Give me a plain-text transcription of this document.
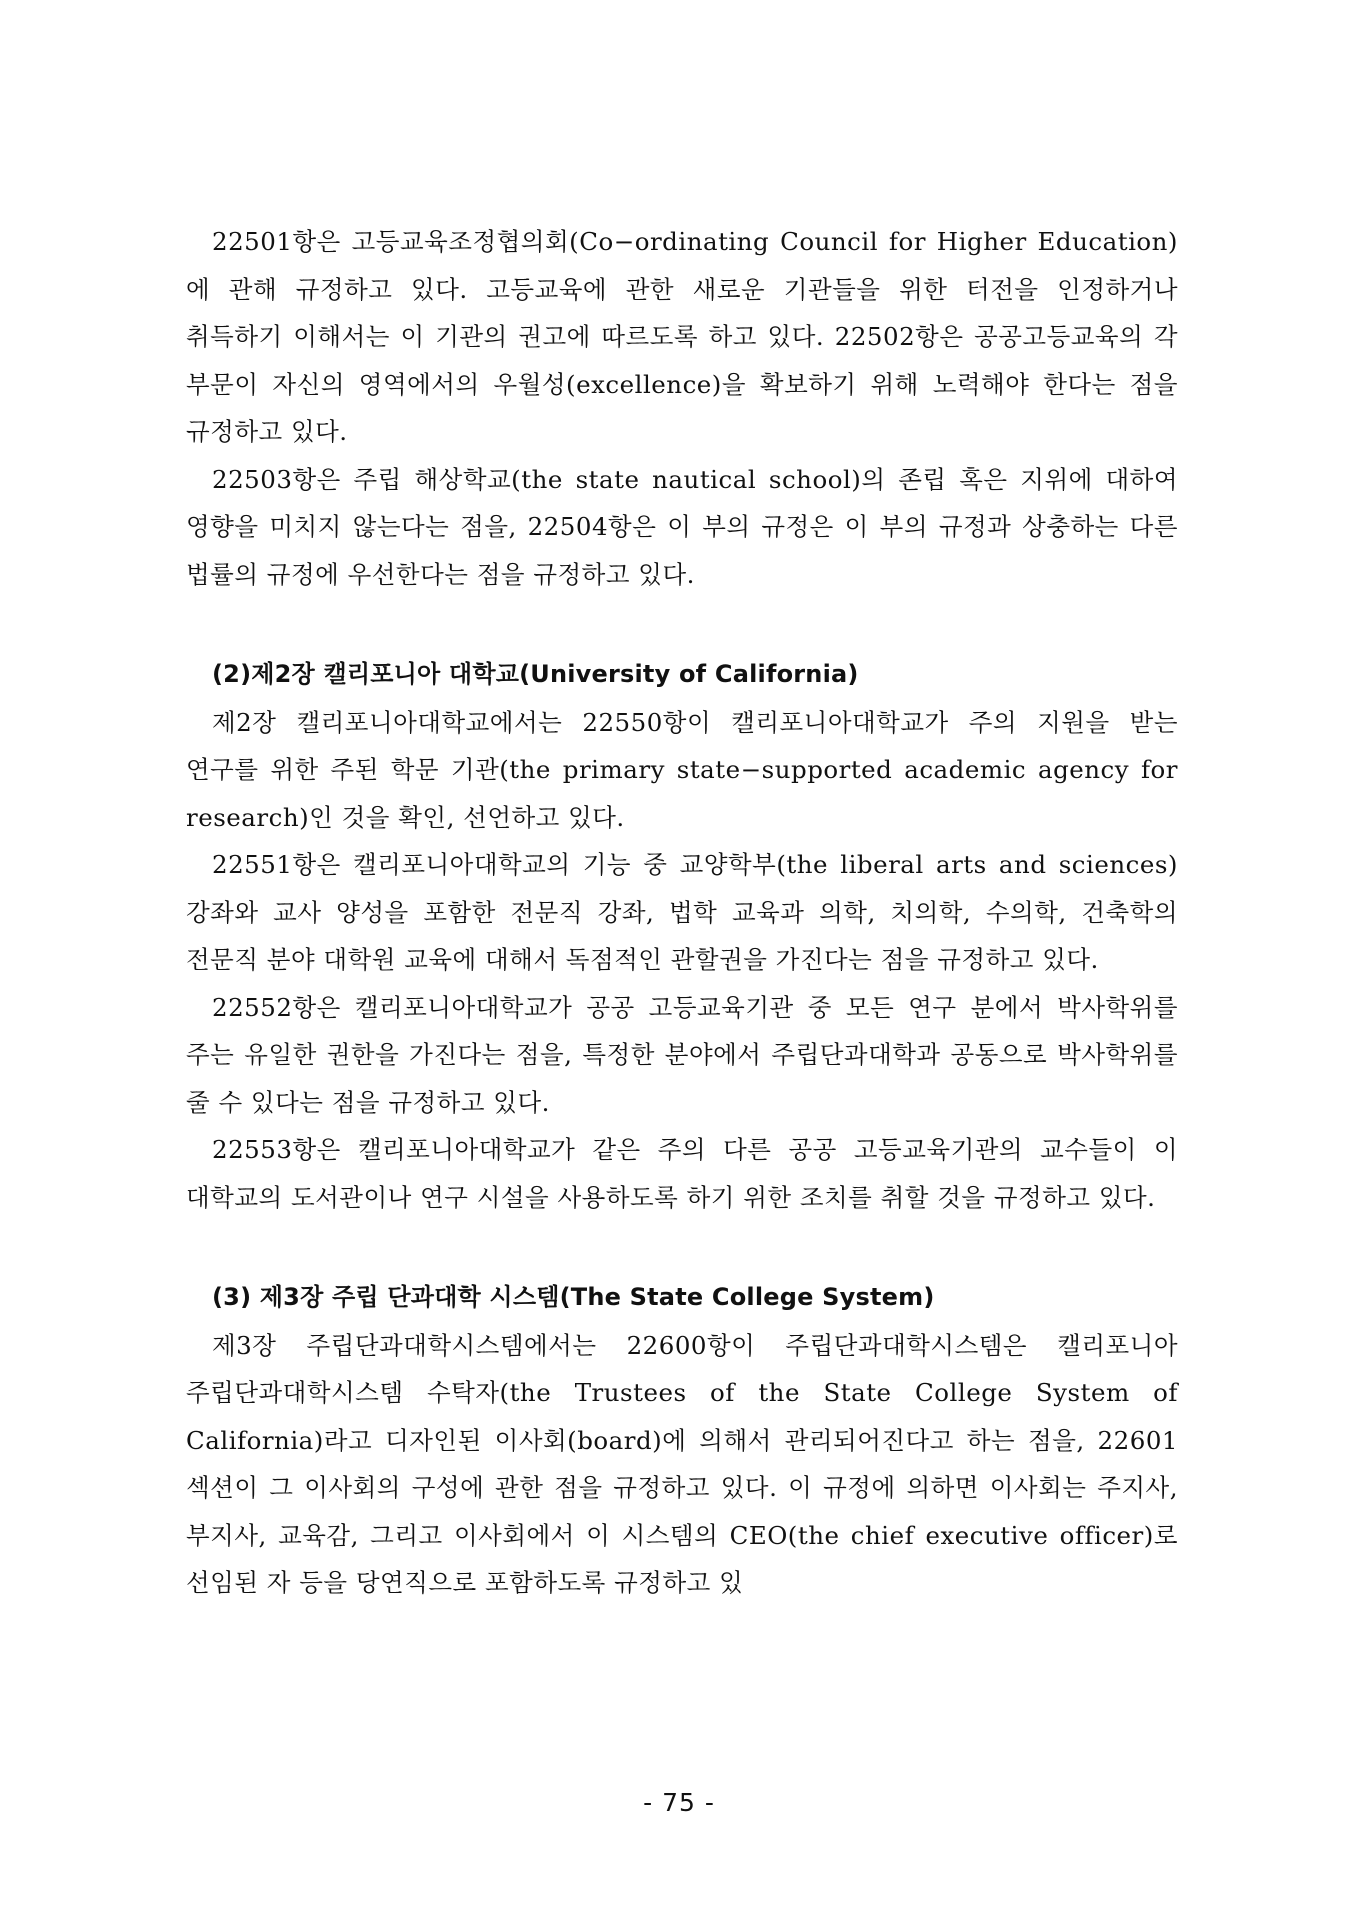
22501항은 고등교육조정협의회(Co−ordinating Council for Higher Education)에 관해 규정하고 있다. 고등교육에 관한 새로운 기관들을 위한 터전을 인정하거나 취득하기 이해서는 이 기관의 권고에 따르도록 하고 있다. 22502항은 공공고등교육의 각 부문이 자신의 영역에서의 우월성(excellence)을 확보하기 위해 노력해야 한다는 점을 규정하고 있다.

22503항은 주립 해상학교(the state nautical school)의 존립 혹은 지위에 대하여 영향을 미치지 않는다는 점을, 22504항은 이 부의 규정은 이 부의 규정과 상충하는 다른 법률의 규정에 우선한다는 점을 규정하고 있다.

(2)제2장 캘리포니아 대학교(University of California)

제2장 캘리포니아대학교에서는 22550항이 캘리포니아대학교가 주의 지원을 받는 연구를 위한 주된 학문 기관(the primary state−supported academic agency for research)인 것을 확인, 선언하고 있다.

22551항은 캘리포니아대학교의 기능 중 교양학부(the liberal arts and sciences) 강좌와 교사 양성을 포함한 전문직 강좌, 법학 교육과 의학, 치의학, 수의학, 건축학의 전문직 분야 대학원 교육에 대해서 독점적인 관할권을 가진다는 점을 규정하고 있다.

22552항은 캘리포니아대학교가 공공 고등교육기관 중 모든 연구 분에서 박사학위를 주는 유일한 권한을 가진다는 점을, 특정한 분야에서 주립단과대학과 공동으로 박사학위를 줄 수 있다는 점을 규정하고 있다.

22553항은 캘리포니아대학교가 같은 주의 다른 공공 고등교육기관의 교수들이 이 대학교의 도서관이나 연구 시설을 사용하도록 하기 위한 조치를 취할 것을 규정하고 있다.

(3) 제3장 주립 단과대학 시스템(The State College System)

제3장 주립단과대학시스템에서는 22600항이 주립단과대학시스템은 캘리포니아 주립단과대학시스템 수탁자(the Trustees of the State College System of California)라고 디자인된 이사회(board)에 의해서 관리되어진다고 하는 점을, 22601 섹션이 그 이사회의 구성에 관한 점을 규정하고 있다. 이 규정에 의하면 이사회는 주지사, 부지사, 교육감, 그리고 이사회에서 이 시스템의 CEO(the chief executive officer)로 선임된 자 등을 당연직으로 포함하도록 규정하고 있

- 75 -
